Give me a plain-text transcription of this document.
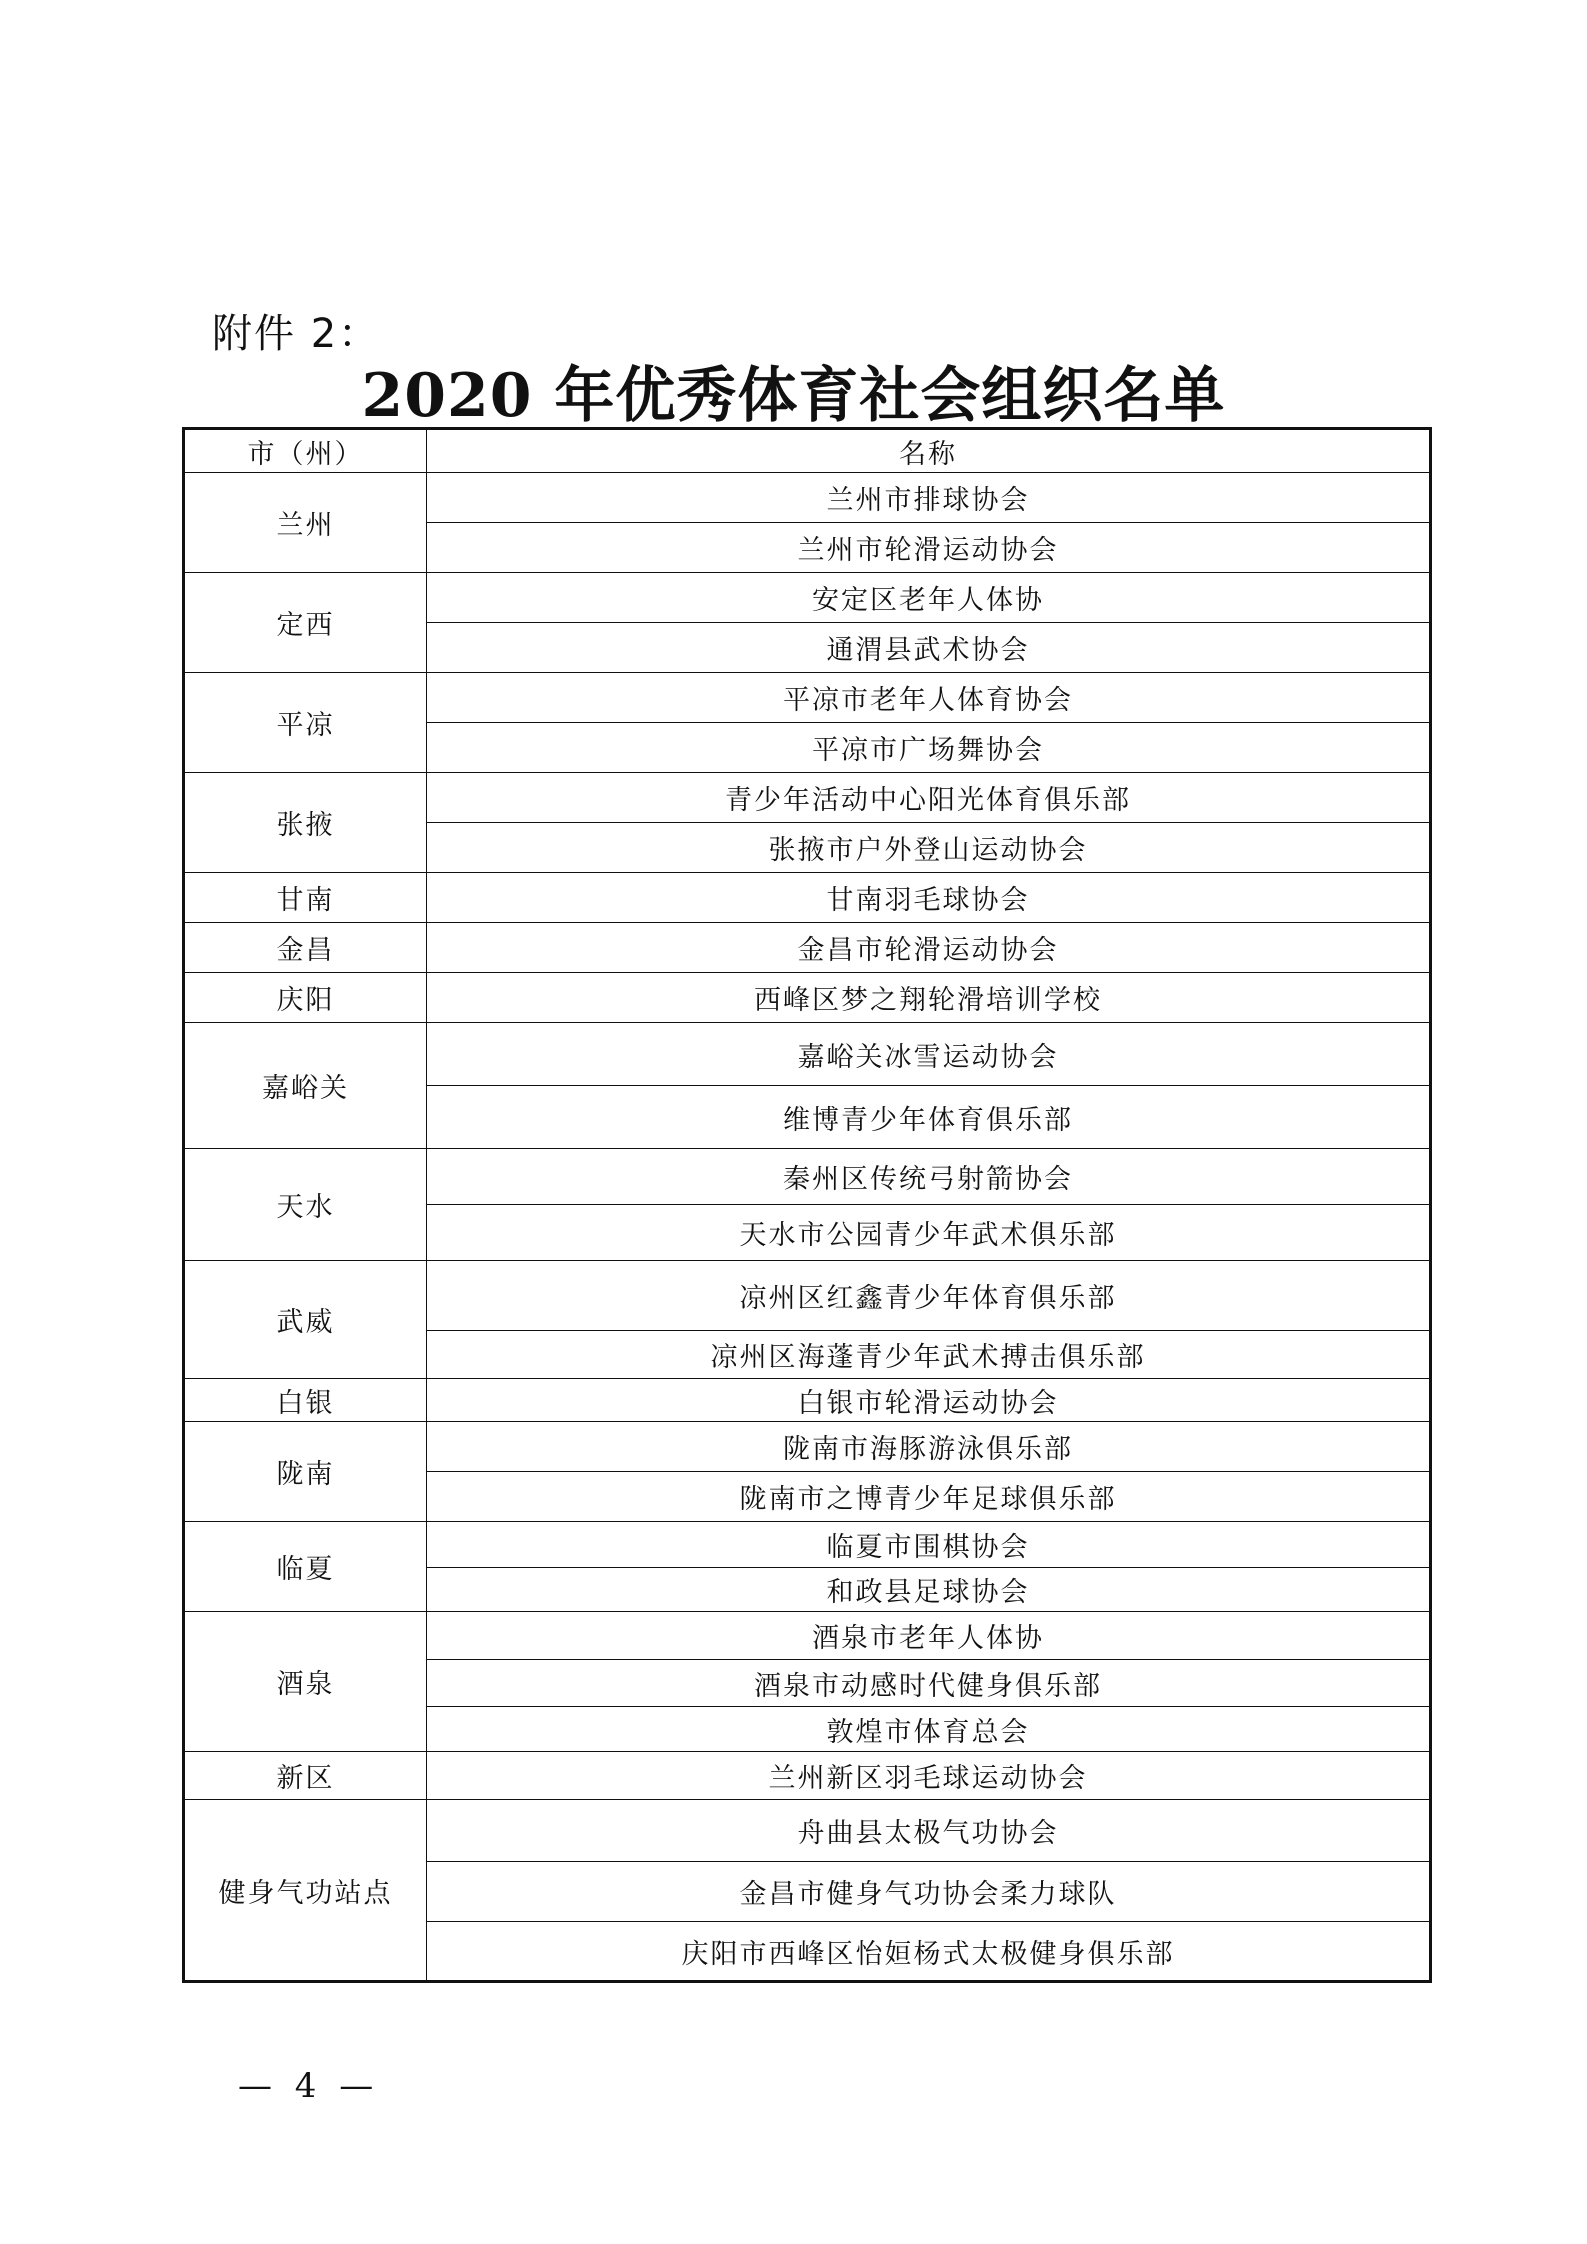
附件 2：
2020 年优秀体育社会组织名单
市（州）	名称
兰州	兰州市排球协会
	兰州市轮滑运动协会
定西	安定区老年人体协
	通渭县武术协会
平凉	平凉市老年人体育协会
	平凉市广场舞协会
张掖	青少年活动中心阳光体育俱乐部
	张掖市户外登山运动协会
甘南	甘南羽毛球协会
金昌	金昌市轮滑运动协会
庆阳	西峰区梦之翔轮滑培训学校
嘉峪关	嘉峪关冰雪运动协会
	维博青少年体育俱乐部
天水	秦州区传统弓射箭协会
	天水市公园青少年武术俱乐部
武威	凉州区红鑫青少年体育俱乐部
	凉州区海蓬青少年武术搏击俱乐部
白银	白银市轮滑运动协会
陇南	陇南市海豚游泳俱乐部
	陇南市之博青少年足球俱乐部
临夏	临夏市围棋协会
	和政县足球协会
酒泉	酒泉市老年人体协
	酒泉市动感时代健身俱乐部
	敦煌市体育总会
新区	兰州新区羽毛球运动协会
健身气功站点	舟曲县太极气功协会
	金昌市健身气功协会柔力球队
	庆阳市西峰区怡姮杨式太极健身俱乐部
— 4 —
